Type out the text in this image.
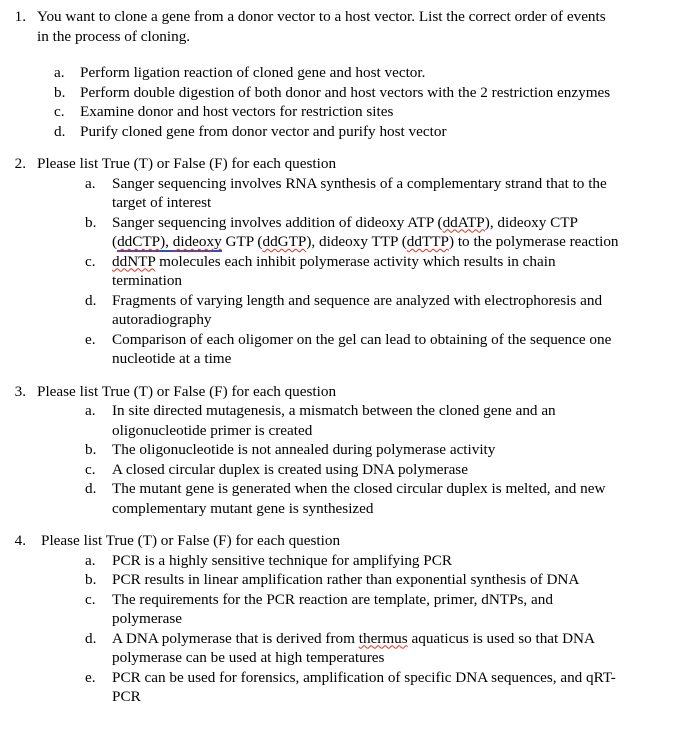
1. You want to clone a gene from a donor vector to a host vector. List the correct order of events in the process of cloning.
a. Perform ligation reaction of cloned gene and host vector.
b. Perform double digestion of both donor and host vectors with the 2 restriction enzymes
c. Examine donor and host vectors for restriction sites
d. Purify cloned gene from donor vector and purify host vector
2. Please list True (T) or False (F) for each question
a. Sanger sequencing involves RNA synthesis of a complementary strand that to the target of interest
b. Sanger sequencing involves addition of dideoxy ATP (ddATP), dideoxy CTP (ddCTP), dideoxy GTP (ddGTP), dideoxy TTP (ddTTP) to the polymerase reaction
c. ddNTP molecules each inhibit polymerase activity which results in chain termination
d. Fragments of varying length and sequence are analyzed with electrophoresis and autoradiography
e. Comparison of each oligomer on the gel can lead to obtaining of the sequence one nucleotide at a time
3. Please list True (T) or False (F) for each question
a. In site directed mutagenesis, a mismatch between the cloned gene and an oligonucleotide primer is created
b. The oligonucleotide is not annealed during polymerase activity
c. A closed circular duplex is created using DNA polymerase
d. The mutant gene is generated when the closed circular duplex is melted, and new complementary mutant gene is synthesized
4. Please list True (T) or False (F) for each question
a. PCR is a highly sensitive technique for amplifying PCR
b. PCR results in linear amplification rather than exponential synthesis of DNA
c. The requirements for the PCR reaction are template, primer, dNTPs, and polymerase
d. A DNA polymerase that is derived from thermus aquaticus is used so that DNA polymerase can be used at high temperatures
e. PCR can be used for forensics, amplification of specific DNA sequences, and qRT-PCR
